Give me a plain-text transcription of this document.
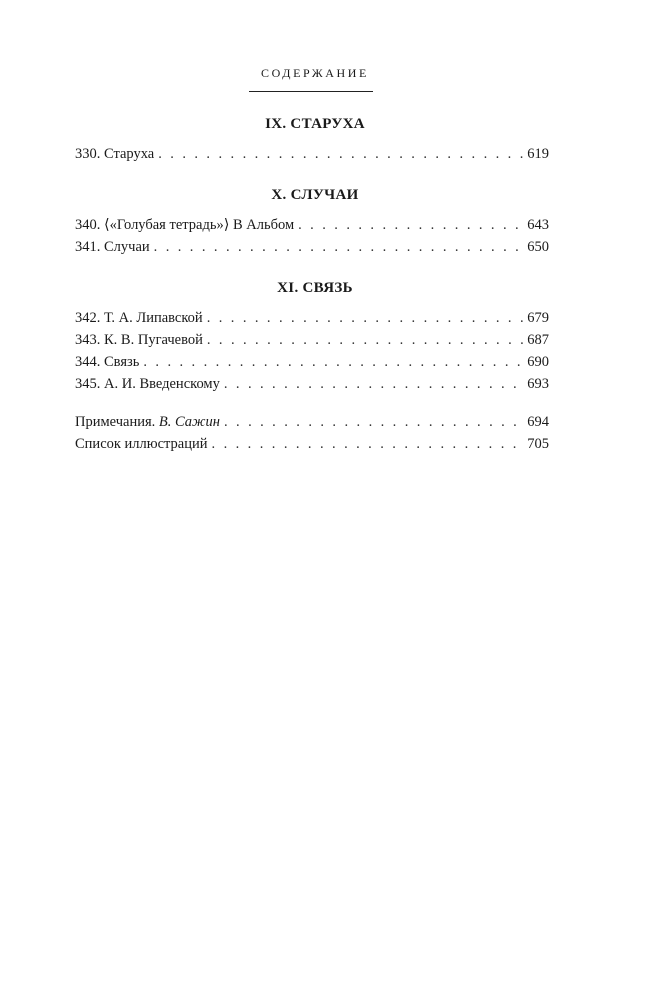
СОДЕРЖАНИЕ
IX. СТАРУХА
330. Старуха . . .	619
X. СЛУЧАИ
340. ⟨«Голубая тетрадь»⟩ В Альбом . . .	643
341. Случаи . . .	650
XI. СВЯЗЬ
342. Т. А. Липавской . . .	679
343. К. В. Пугачевой . . .	687
344. Связь . . .	690
345. А. И. Введенскому . . .	693
Примечания. В. Сажин . . .	694
Список иллюстраций . . .	705
